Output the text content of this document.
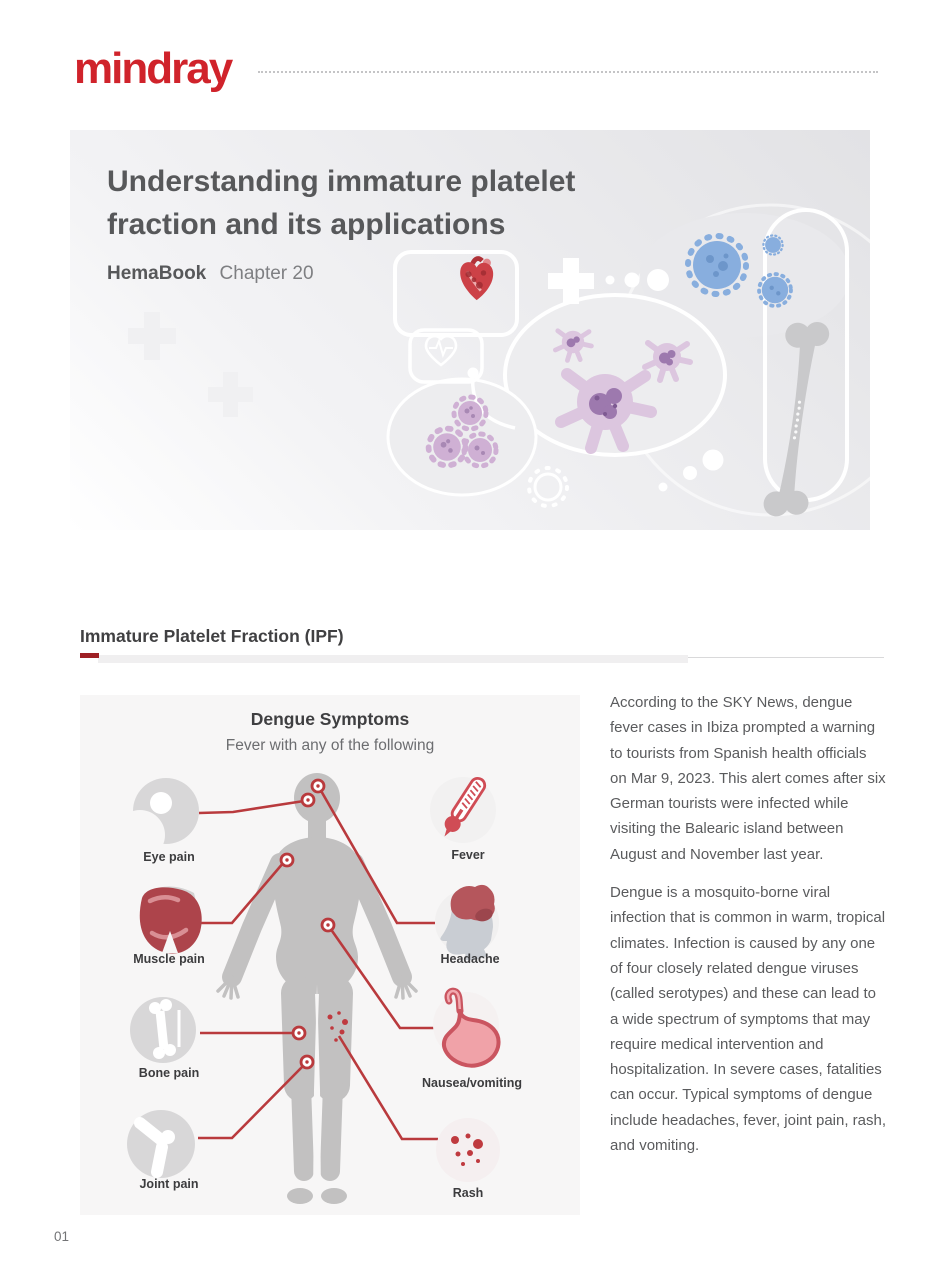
mindray
Understanding immature platelet
fraction and its applications
HemaBook Chapter 20
Immature Platelet Fraction (IPF)
Dengue Symptoms
Fever with any of the following
Eye pain
Muscle pain
Bone pain
Joint pain
Fever
Headache
Nausea/vomiting
Rash

According to the SKY News, dengue fever cases in Ibiza prompted a warning to tourists from Spanish health officials on Mar 9, 2023. This alert comes after six German tourists were infected while visiting the Balearic island between August and November last year.

Dengue is a mosquito-borne viral infection that is common in warm, tropical climates. Infection is caused by any one of four closely related dengue viruses (called serotypes) and these can lead to a wide spectrum of symptoms that may require medical intervention and hospitalization. In severe cases, fatalities can occur. Typical symptoms of dengue include headaches, fever, joint pain, rash, and vomiting.

01
